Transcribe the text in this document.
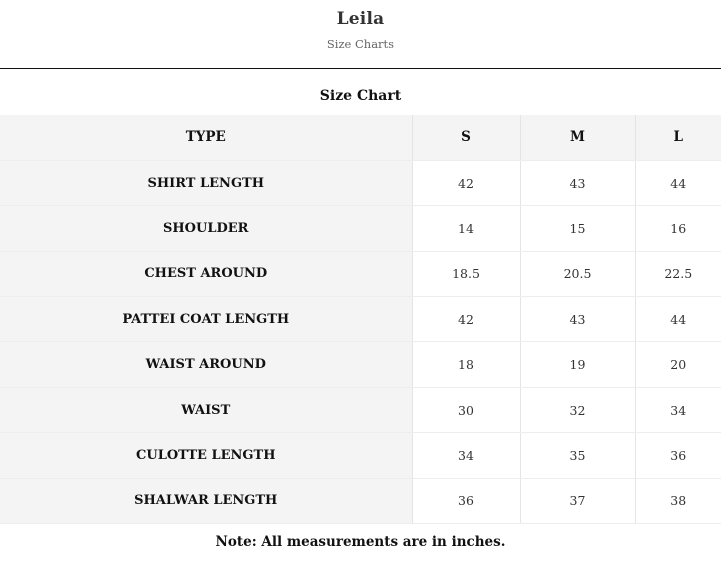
Leila
Size Charts
Size Chart
TYPE	S	M	L
SHIRT LENGTH	42	43	44
SHOULDER	14	15	16
CHEST AROUND	18.5	20.5	22.5
PATTEI COAT LENGTH	42	43	44
WAIST AROUND	18	19	20
WAIST	30	32	34
CULOTTE LENGTH	34	35	36
SHALWAR LENGTH	36	37	38
Note: All measurements are in inches.
